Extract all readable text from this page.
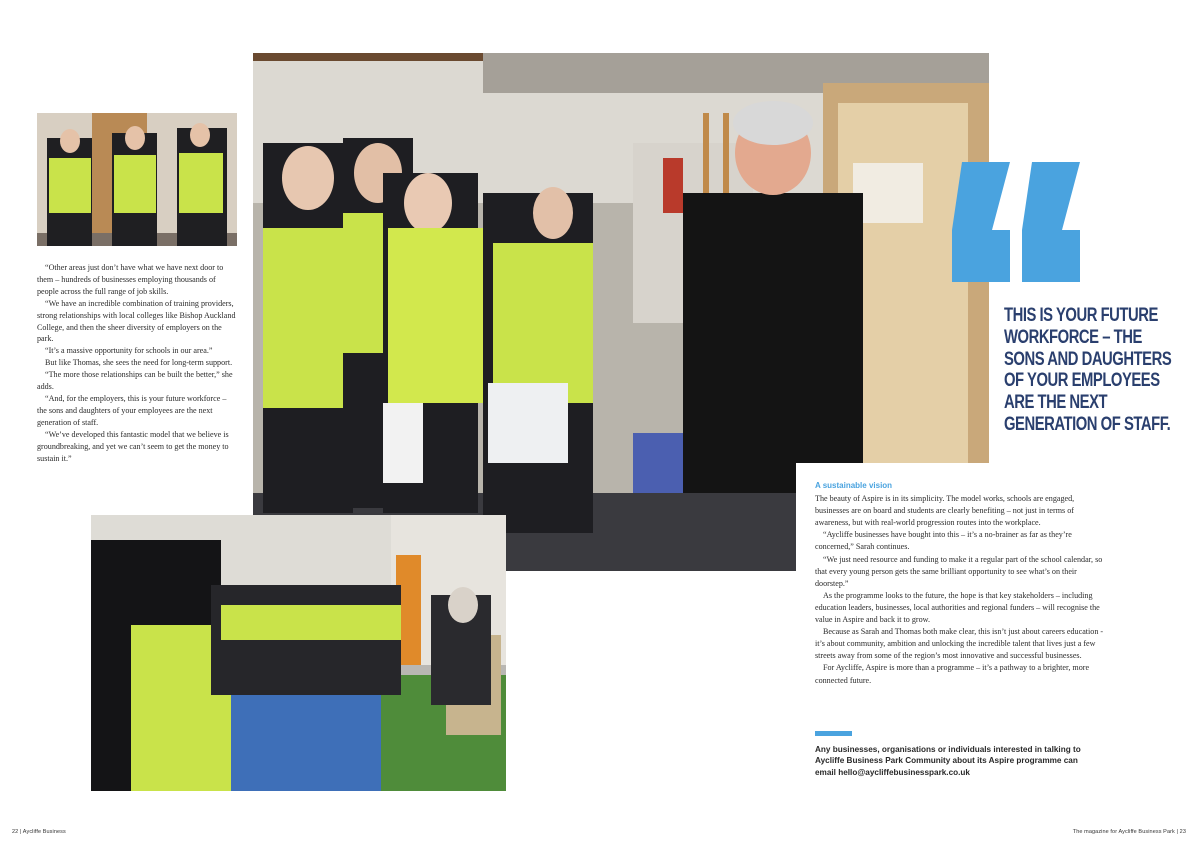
“Other areas just don’t have what we have next door to them – hundreds of businesses employing thousands of people across the full range of job skills.

“We have an incredible combination of training providers, strong relationships with local colleges like Bishop Auckland College, and then the sheer diversity of employers on the park.

“It’s a massive opportunity for schools in our area.”

But like Thomas, she sees the need for long-term support.

“The more those relationships can be built the better,” she adds.

“And, for the employers, this is your future workforce – the sons and daughters of your employees are the next generation of staff.

“We’ve developed this fantastic model that we believe is groundbreaking, and yet we can’t seem to get the money to sustain it.”

THIS IS YOUR FUTURE
WORKFORCE – THE
SONS AND DAUGHTERS
OF YOUR EMPLOYEES
ARE THE NEXT
GENERATION OF STAFF.
A sustainable vision

The beauty of Aspire is in its simplicity. The model works, schools are engaged, businesses are on board and students are clearly benefiting – not just in terms of awareness, but with real-world progression routes into the workplace.

“Aycliffe businesses have bought into this – it’s a no-brainer as far as they’re concerned,” Sarah continues.

“We just need resource and funding to make it a regular part of the school calendar, so that every young person gets the same brilliant opportunity to see what’s on their doorstep.”

As the programme looks to the future, the hope is that key stakeholders – including education leaders, businesses, local authorities and regional funders – will recognise the value in Aspire and back it to grow.

Because as Sarah and Thomas both make clear, this isn’t just about careers education - it’s about community, ambition and unlocking the incredible talent that lives just a few streets away from some of the region’s most innovative and successful businesses.

For Aycliffe, Aspire is more than a programme – it’s a pathway to a brighter, more connected future.

Any businesses, organisations or individuals interested in talking to Aycliffe Business Park Community about its Aspire programme can email hello@aycliffebusinesspark.co.uk
22 | Aycliffe Business	The magazine for Aycliffe Business Park | 23
